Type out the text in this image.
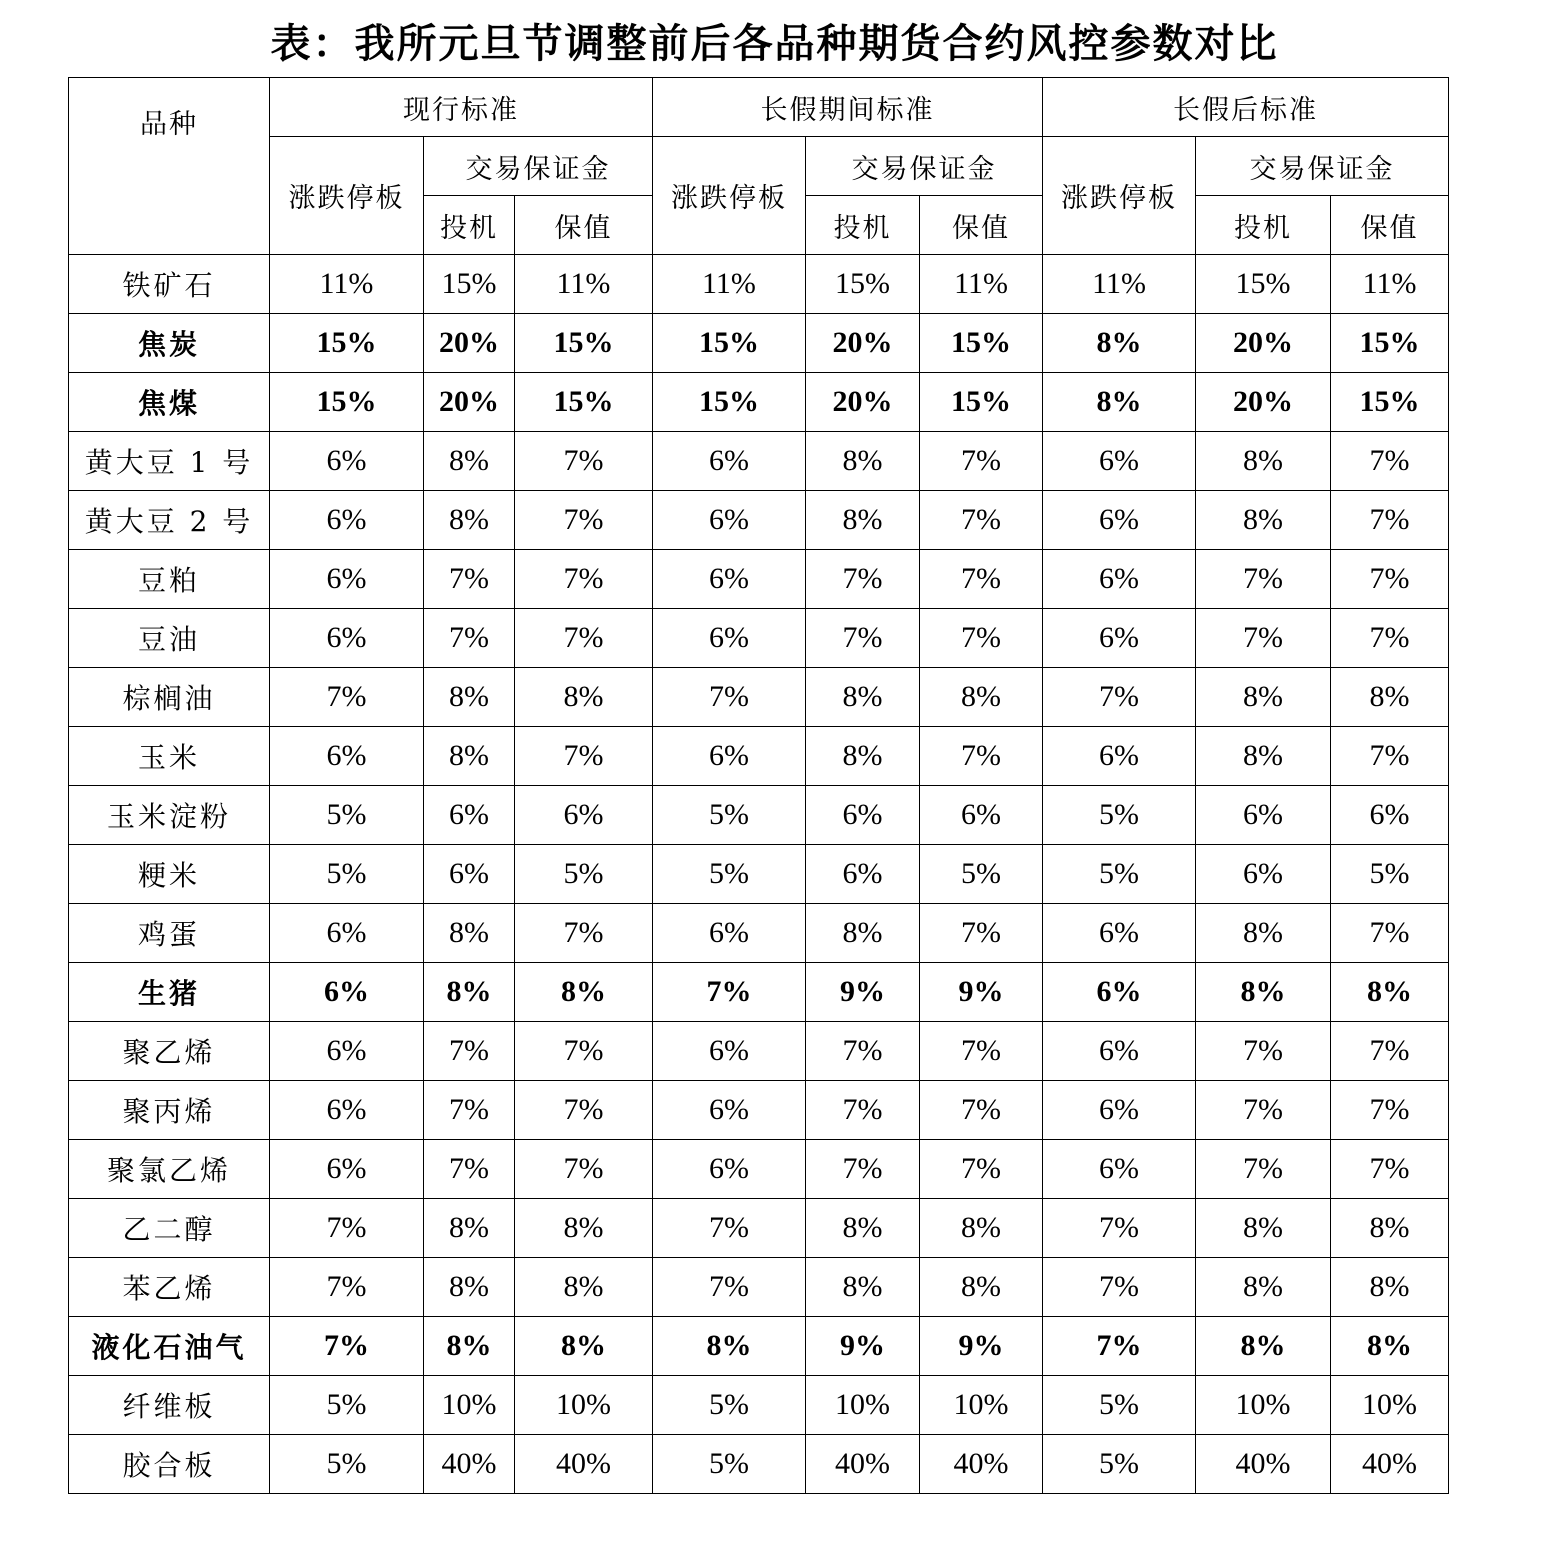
表：我所元旦节调整前后各品种期货合约风控参数对比
品种	现行标准			长假期间标准			长假后标准		
	涨跌停板	交易保证金		涨跌停板	交易保证金		涨跌停板	交易保证金	
		投机	保值		投机	保值		投机	保值
铁矿石	11%	15%	11%	11%	15%	11%	11%	15%	11%
焦炭	15%	20%	15%	15%	20%	15%	8%	20%	15%
焦煤	15%	20%	15%	15%	20%	15%	8%	20%	15%
黄大豆 1 号	6%	8%	7%	6%	8%	7%	6%	8%	7%
黄大豆 2 号	6%	8%	7%	6%	8%	7%	6%	8%	7%
豆粕	6%	7%	7%	6%	7%	7%	6%	7%	7%
豆油	6%	7%	7%	6%	7%	7%	6%	7%	7%
棕榈油	7%	8%	8%	7%	8%	8%	7%	8%	8%
玉米	6%	8%	7%	6%	8%	7%	6%	8%	7%
玉米淀粉	5%	6%	6%	5%	6%	6%	5%	6%	6%
粳米	5%	6%	5%	5%	6%	5%	5%	6%	5%
鸡蛋	6%	8%	7%	6%	8%	7%	6%	8%	7%
生猪	6%	8%	8%	7%	9%	9%	6%	8%	8%
聚乙烯	6%	7%	7%	6%	7%	7%	6%	7%	7%
聚丙烯	6%	7%	7%	6%	7%	7%	6%	7%	7%
聚氯乙烯	6%	7%	7%	6%	7%	7%	6%	7%	7%
乙二醇	7%	8%	8%	7%	8%	8%	7%	8%	8%
苯乙烯	7%	8%	8%	7%	8%	8%	7%	8%	8%
液化石油气	7%	8%	8%	8%	9%	9%	7%	8%	8%
纤维板	5%	10%	10%	5%	10%	10%	5%	10%	10%
胶合板	5%	40%	40%	5%	40%	40%	5%	40%	40%
